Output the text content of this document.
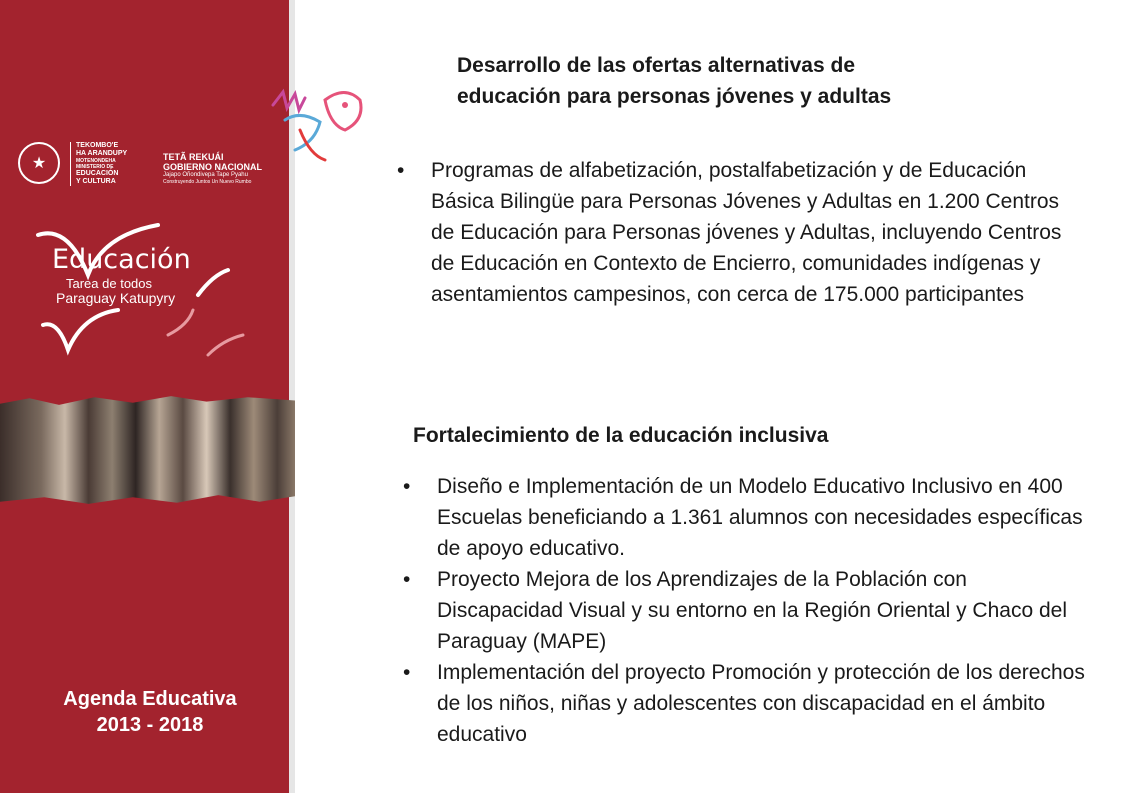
★
TEKOMBO'E
HA ARANDUPY
MOTENONDEHA
MINISTERIO DE
EDUCACIÓN
Y CULTURA
TETÃ REKUÁI
GOBIERNO NACIONAL
Jajapo Oñondivepa Tape Pyahu
Construyendo Juntos Un Nuevo Rumbo
Educación
Tarea de todos
Paraguay Katupyry
Agenda Educativa
2013 - 2018
Desarrollo de las ofertas alternativas de
educación para personas jóvenes y adultas
• Programas de alfabetización, postalfabetización y de Educación Básica Bilingüe para Personas Jóvenes y Adultas en 1.200 Centros de Educación para Personas jóvenes y Adultas, incluyendo Centros de Educación en Contexto de Encierro, comunidades indígenas y asentamientos campesinos, con cerca de 175.000 participantes
Fortalecimiento de la educación inclusiva
• Diseño e Implementación de un Modelo Educativo Inclusivo en 400 Escuelas beneficiando a 1.361 alumnos con necesidades específicas de apoyo educativo.
• Proyecto Mejora de los Aprendizajes de la Población con Discapacidad Visual y su entorno en la Región Oriental y Chaco del Paraguay (MAPE)
• Implementación del proyecto Promoción y protección de los derechos de los niños, niñas y adolescentes con discapacidad en el ámbito educativo
